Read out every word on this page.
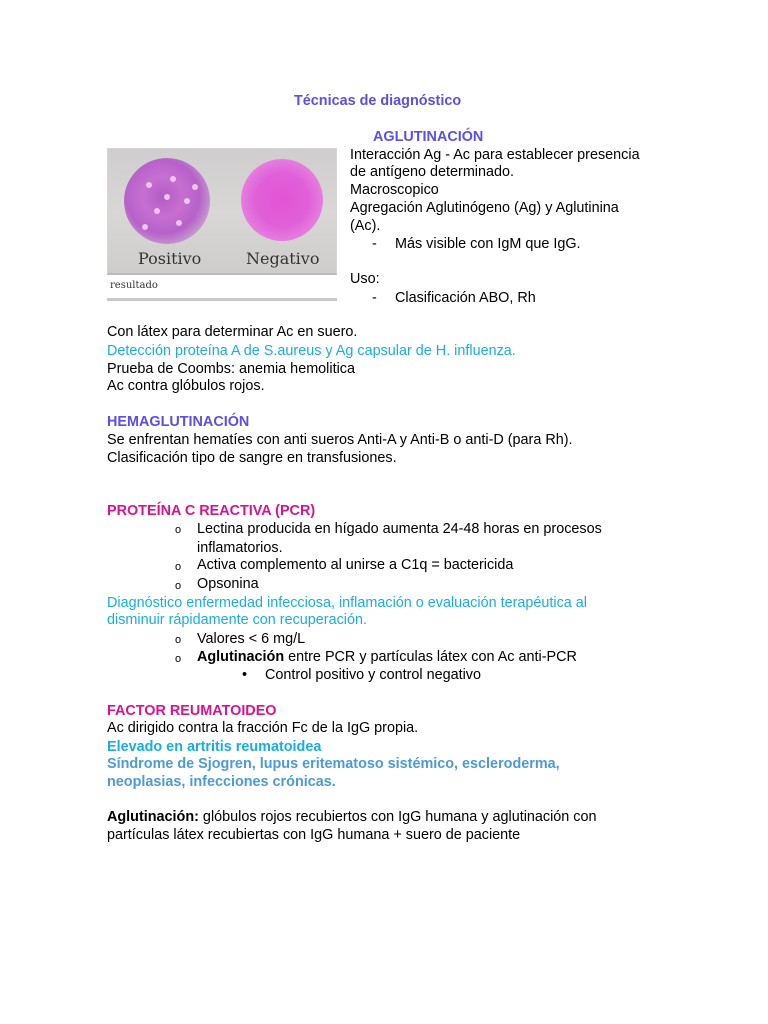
Técnicas de diagnóstico
AGLUTINACIÓN
Positivo	Negativo
resultado
Interacción Ag - Ac para establecer presencia
de antígeno determinado.
Macroscopico
Agregación Aglutinógeno (Ag) y Aglutinina
(Ac).
- Más visible con IgM que IgG.
Uso:
- Clasificación ABO, Rh
Con látex para determinar Ac en suero.
Detección proteína A de S.aureus y Ag capsular de H. influenza.
Prueba de Coombs: anemia hemolitica
Ac contra glóbulos rojos.
HEMAGLUTINACIÓN
Se enfrentan hematíes con anti sueros Anti-A y Anti-B o anti-D (para Rh).
Clasificación tipo de sangre en transfusiones.
PROTEÍNA C REACTIVA (PCR)
o Lectina producida en hígado aumenta 24-48 horas en procesos
inflamatorios.
o Activa complemento al unirse a C1q = bactericida
o Opsonina
Diagnóstico enfermedad infecciosa, inflamación o evaluación terapéutica al
disminuir rápidamente con recuperación.
o Valores < 6 mg/L
o Aglutinación entre PCR y partículas látex con Ac anti-PCR
• Control positivo y control negativo
FACTOR REUMATOIDEO
Ac dirigido contra la fracción Fc de la IgG propia.
Elevado en artritis reumatoidea
Síndrome de Sjogren, lupus eritematoso sistémico, escleroderma,
neoplasias, infecciones crónicas.
Aglutinación: glóbulos rojos recubiertos con IgG humana y aglutinación con
partículas látex recubiertas con IgG humana + suero de paciente
